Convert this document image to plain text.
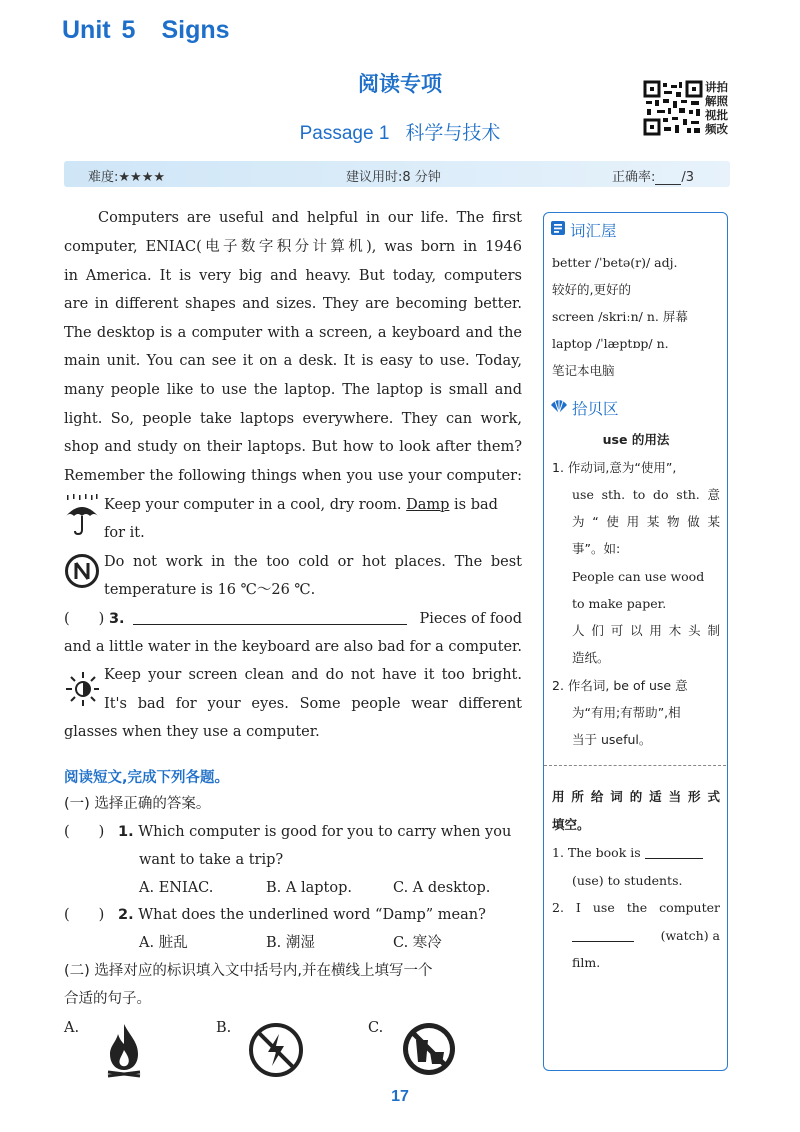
Unit 5 Signs
阅读专项
Passage 1 科学与技术
讲拍解照视批频改
难度:★★★★	建议用时:8 分钟	正确率: /3
Computers are useful and helpful in our life. The first
computer, ENIAC(电子数字积分计算机), was born in 1946
in America. It is very big and heavy. But today, computers
are in different shapes and sizes. They are becoming better.
The desktop is a computer with a screen, a keyboard and the
main unit. You can see it on a desk. It is easy to use. Today,
many people like to use the laptop. The laptop is small and
light. So, people take laptops everywhere. They can work,
shop and study on their laptops. But how to look after them?
Remember the following things when you use your computer:
Keep your computer in a cool, dry room. Damp is bad
for it.
Do not work in the too cold or hot places. The best
temperature is 16 ℃～26 ℃.
(　　) 3.	Pieces of food
and a little water in the keyboard are also bad for a computer.
Keep your screen clean and do not have it too bright.
It's bad for your eyes. Some people wear different
glasses when they use a computer.
阅读短文,完成下列各题。
(一) 选择正确的答案。
(　　) 1. Which computer is good for you to carry when you
want to take a trip?
A. ENIAC.	B. A laptop.	C. A desktop.
(　　) 2. What does the underlined word “Damp” mean?
A. 脏乱	B. 潮湿	C. 寒冷
(二) 选择对应的标识填入文中括号内,并在横线上填写一个
合适的句子。
A.	B.	C.
词汇屋
better /ˈbetə(r)/ adj.
较好的,更好的
screen /skriːn/ n. 屏幕
laptop /ˈlæptɒp/ n.
笔记本电脑
拾贝区
use 的用法
1. 作动词,意为“使用”,
use sth. to do sth. 意
为“使用某物做某
事”。如:
People can use wood
to make paper.
人们可以用木头制
造纸。
2. 作名词, be of use 意
为“有用;有帮助”,相
当于 useful。
用所给词的适当形式
填空。
1. The book is
(use) to students.
2. I use the computer
(watch) a
film.
17
